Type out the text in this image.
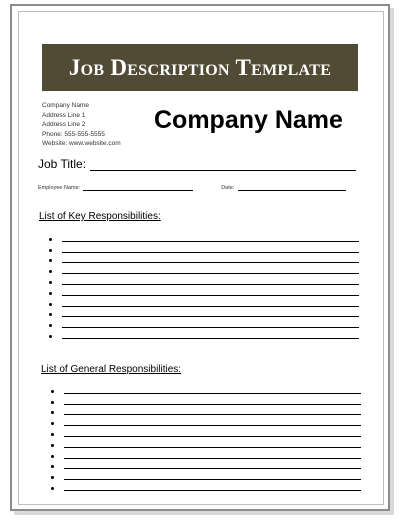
Job Description Template
Company Name
Address Line 1
Address Line 2
Phone: 555-555-5555
Website: www.website.com
Company Name
Job Title:
Employee Name:	Date:
List of Key Responsibilities:
List of General Responsibilities:
